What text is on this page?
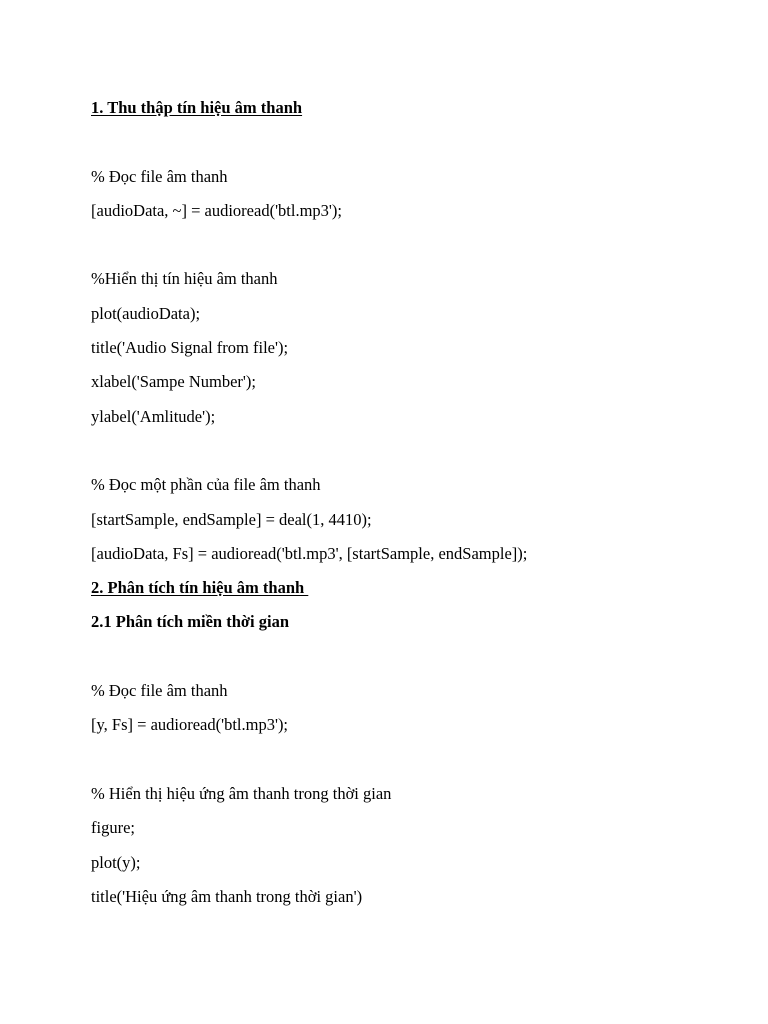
1. Thu thập tín hiệu âm thanh
% Đọc file âm thanh
[audioData, ~] = audioread('btl.mp3');
%Hiển thị tín hiệu âm thanh
plot(audioData);
title('Audio Signal from file');
xlabel('Sampe Number');
ylabel('Amlitude');
% Đọc một phần của file âm thanh
[startSample, endSample] = deal(1, 4410);
[audioData, Fs] = audioread('btl.mp3', [startSample, endSample]);
2. Phân tích tín hiệu âm thanh
2.1 Phân tích miền thời gian
% Đọc file âm thanh
[y, Fs] = audioread('btl.mp3');
% Hiển thị hiệu ứng âm thanh trong thời gian
figure;
plot(y);
title('Hiệu ứng âm thanh trong thời gian')
